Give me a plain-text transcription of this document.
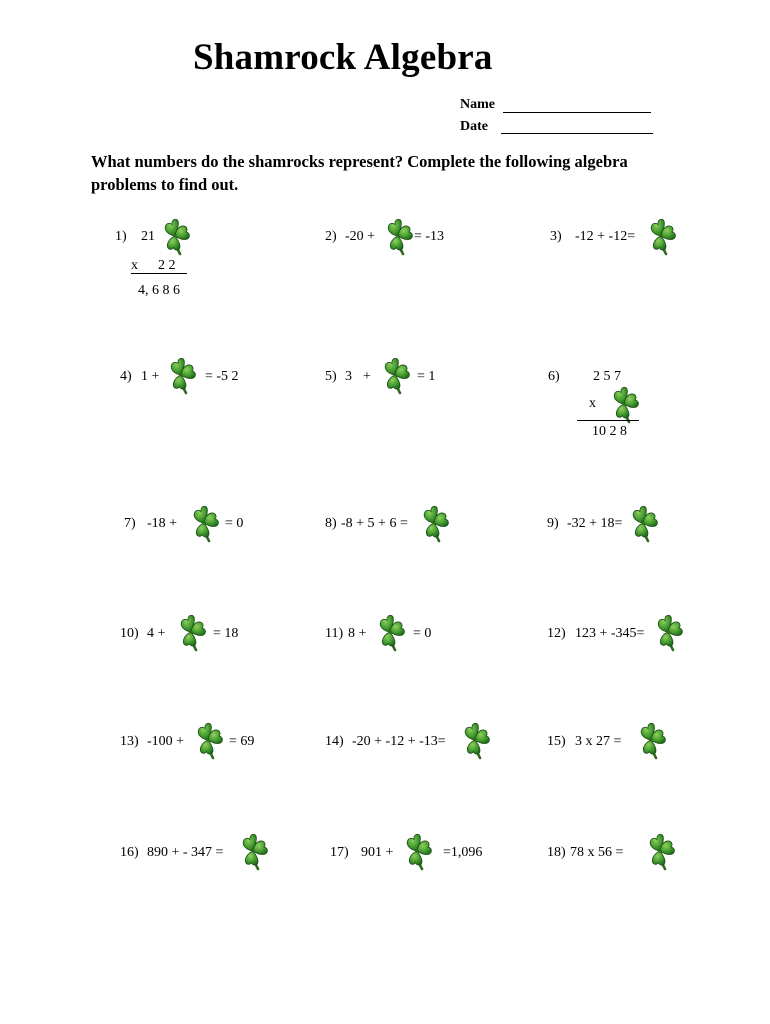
Shamrock Algebra
Name
Date
What numbers do the shamrocks represent? Complete the following algebra problems to find out.
1) 21
x 2 2
4, 6 8 6
2) -20 +	= -13	3) -12 + -12=
4) 1 +	= -5 2	5) 3 +	= 1	6) 2 5 7
x
10 2 8
7) -18 +	= 0	8) -8 + 5 + 6 =	9) -32 + 18=
10) 4 +	= 18	11) 8 +	= 0	12) 123 + -345=
13) -100 +	= 69	14) -20 + -12 + -13=	15) 3 x 27 =
16) 890 + - 347 =	17) 901 +	=1,096	18) 78 x 56 =
